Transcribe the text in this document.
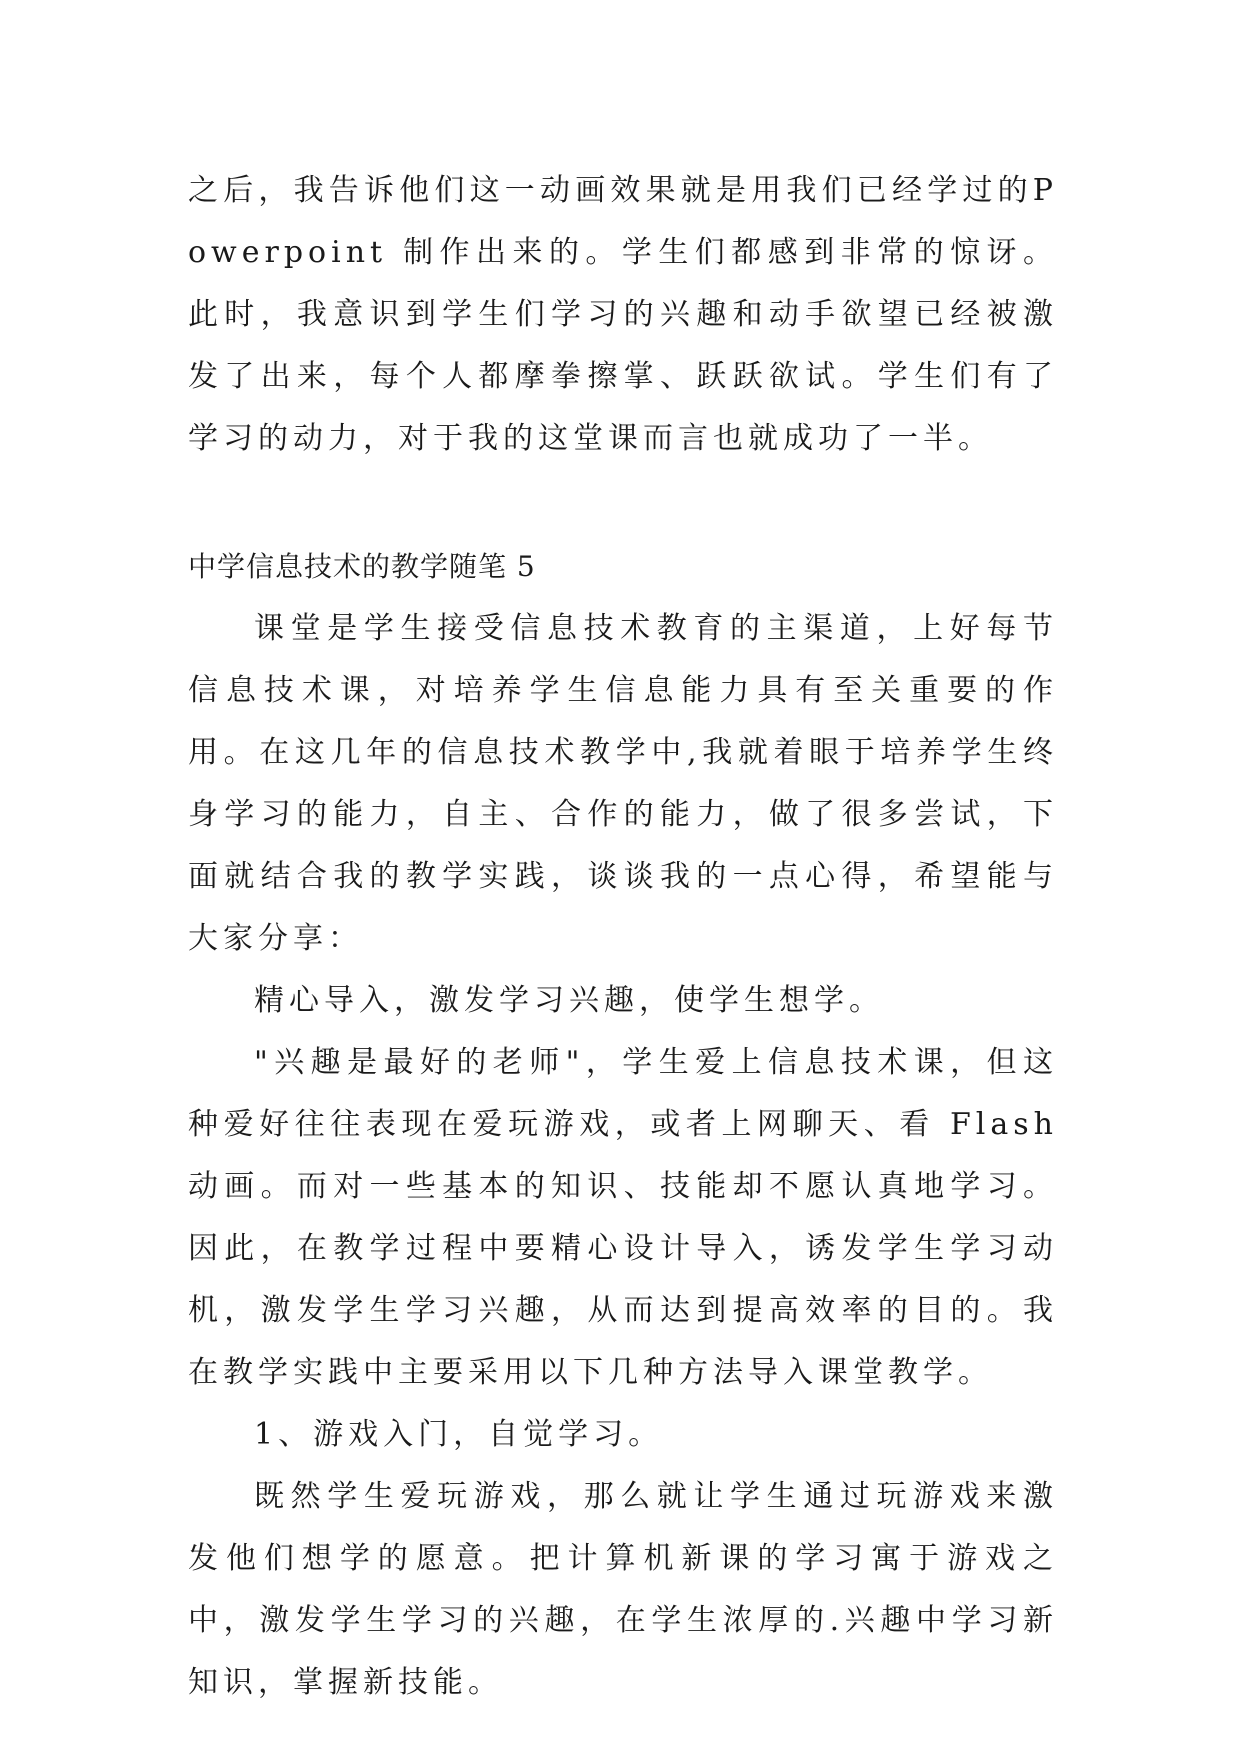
之后，我告诉他们这一动画效果就是用我们已经学过的Powerpoint 制作出来的。学生们都感到非常的惊讶。此时，我意识到学生们学习的兴趣和动手欲望已经被激发了出来，每个人都摩拳擦掌、跃跃欲试。学生们有了学习的动力，对于我的这堂课而言也就成功了一半。

中学信息技术的教学随笔 5

课堂是学生接受信息技术教育的主渠道，上好每节信息技术课，对培养学生信息能力具有至关重要的作用。在这几年的信息技术教学中,我就着眼于培养学生终身学习的能力，自主、合作的能力，做了很多尝试，下面就结合我的教学实践，谈谈我的一点心得，希望能与大家分享：

精心导入，激发学习兴趣，使学生想学。

"兴趣是最好的老师"，学生爱上信息技术课，但这种爱好往往表现在爱玩游戏，或者上网聊天、看 Flash 动画。而对一些基本的知识、技能却不愿认真地学习。因此，在教学过程中要精心设计导入，诱发学生学习动机，激发学生学习兴趣，从而达到提高效率的目的。我在教学实践中主要采用以下几种方法导入课堂教学。

1、游戏入门，自觉学习。

既然学生爱玩游戏，那么就让学生通过玩游戏来激发他们想学的愿意。把计算机新课的学习寓于游戏之中，激发学生学习的兴趣，在学生浓厚的.兴趣中学习新知识，掌握新技能。
